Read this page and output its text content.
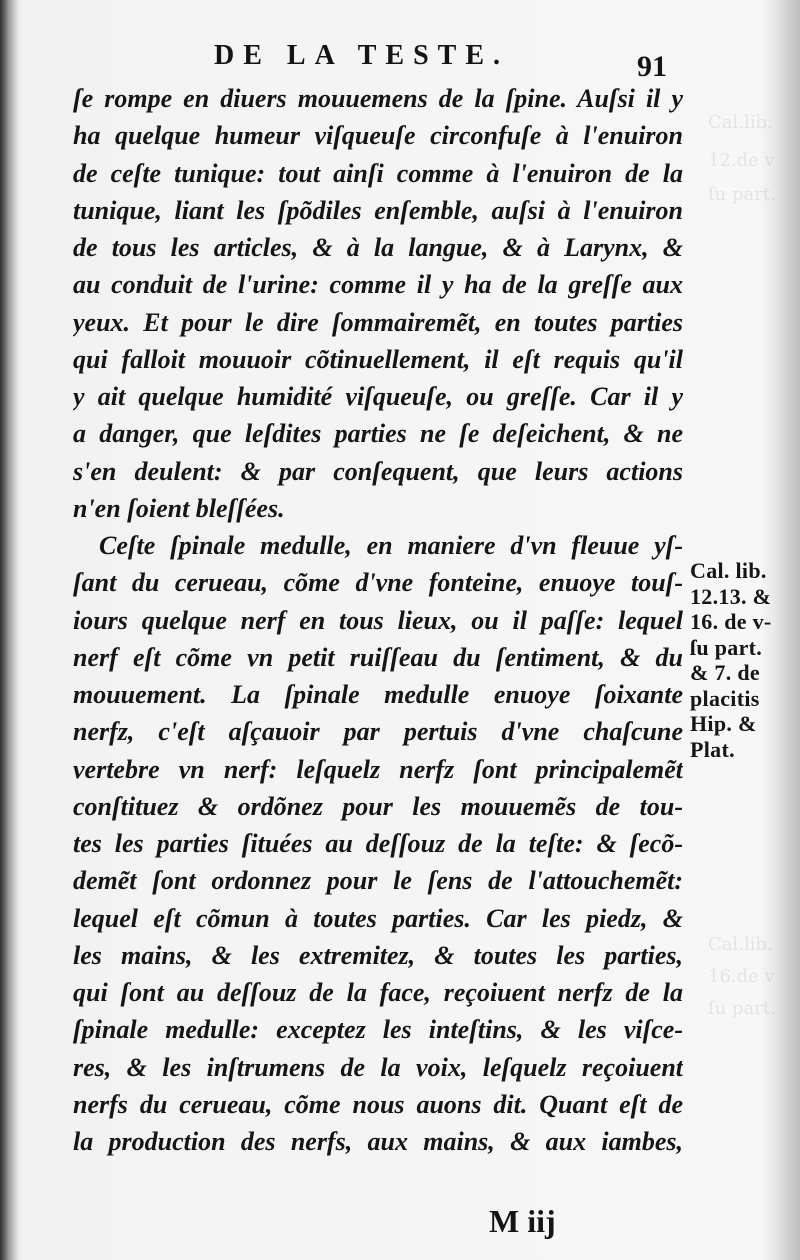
Cal.lib.
12.de v
ſu part.
Cal.lib.
16.de v
ſu part.
DE LA TESTE.	91
ſe rompe en diuers mouuemens de la ſpine. Auſsi il y
ha quelque humeur viſqueuſe circonfuſe à l'enuiron
de ceſte tunique: tout ainſi comme à l'enuiron de la
tunique, liant les ſpõdiles enſemble, auſsi à l'enuiron
de tous les articles, & à la langue, & à Larynx, &
au conduit de l'urine: comme il y ha de la greſſe aux
yeux. Et pour le dire ſommairemẽt, en toutes parties
qui falloit mouuoir cõtinuellement, il eſt requis qu'il
y ait quelque humidité viſqueuſe, ou greſſe. Car il y
a danger, que leſdites parties ne ſe deſeichent, & ne
s'en deulent: & par conſequent, que leurs actions
n'en ſoient bleſſées.
Ceſte ſpinale medulle, en maniere d'vn fleuue yſ-
ſant du cerueau, cõme d'vne fonteine, enuoye touſ-
iours quelque nerf en tous lieux, ou il paſſe: lequel
nerf eſt cõme vn petit ruiſſeau du ſentiment, & du
mouuement. La ſpinale medulle enuoye ſoixante
nerfz, c'eſt aſçauoir par pertuis d'vne chaſcune
vertebre vn nerf: leſquelz nerfz ſont principalemẽt
conſtituez & ordõnez pour les mouuemẽs de tou-
tes les parties ſituées au deſſouz de la teſte: & ſecõ-
demẽt ſont ordonnez pour le ſens de l'attouchemẽt:
lequel eſt cõmun à toutes parties. Car les piedz, &
les mains, & les extremitez, & toutes les parties,
qui ſont au deſſouz de la face, reçoiuent nerfz de la
ſpinale medulle: exceptez les inteſtins, & les viſce-
res, & les inſtrumens de la voix, leſquelz reçoiuent
nerfs du cerueau, cõme nous auons dit. Quant eſt de
la production des nerfs, aux mains, & aux iambes,
Cal. lib.
12.13. &
16. de v-
ſu part.
& 7. de
placitis
Hip. &
Plat.
M iij
